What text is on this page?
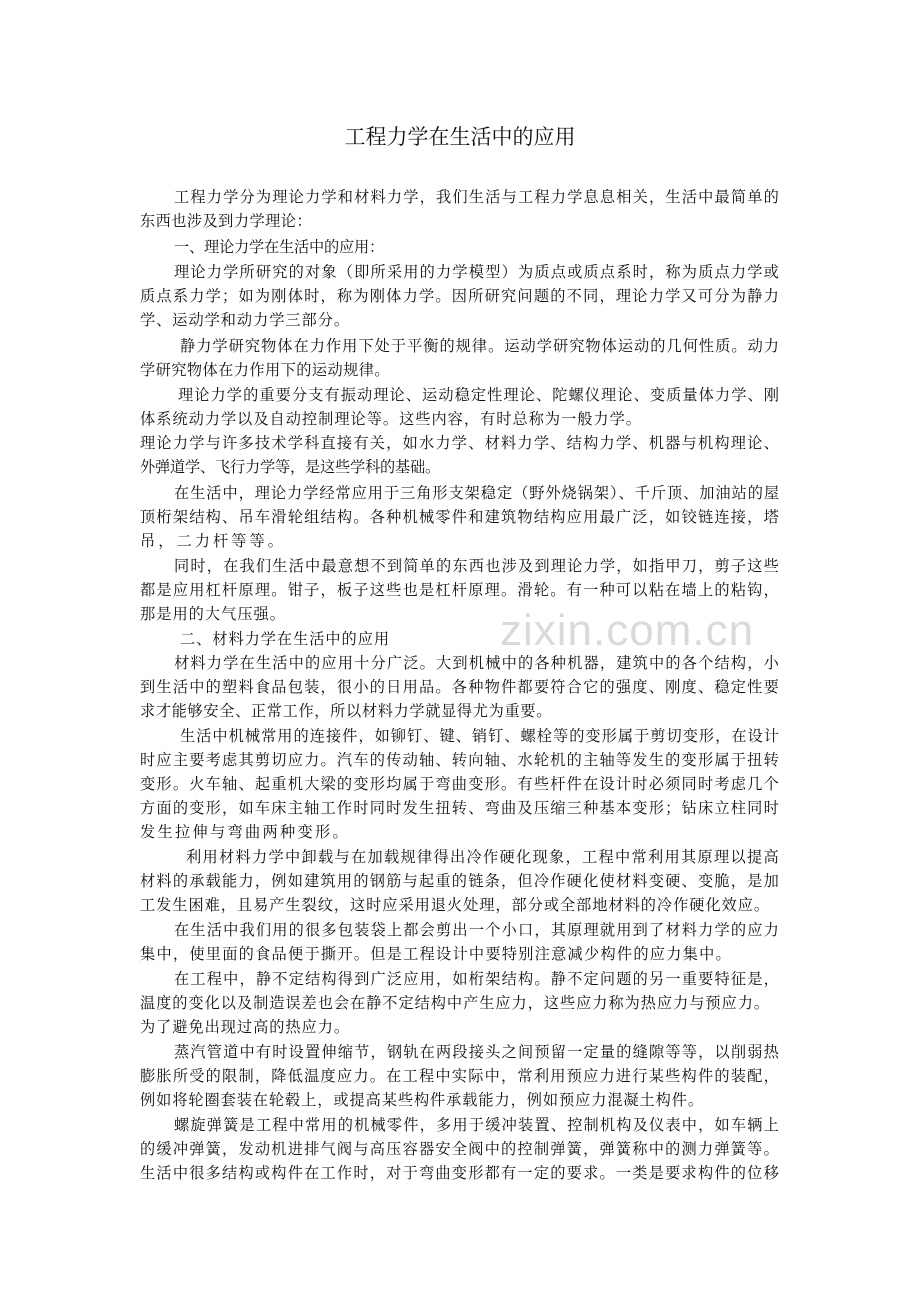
工程力学在生活中的应用
zixin.com.cn
工程力学分为理论力学和材料力学，我们生活与工程力学息息相关，生活中最简单的
东西也涉及到力学理论：
一、理论力学在生活中的应用：
理论力学所研究的对象（即所采用的力学模型）为质点或质点系时，称为质点力学或
质点系力学；如为刚体时，称为刚体力学。因所研究问题的不同，理论力学又可分为静力
学、运动学和动力学三部分。
静力学研究物体在力作用下处于平衡的规律。运动学研究物体运动的几何性质。动力
学研究物体在力作用下的运动规律。
理论力学的重要分支有振动理论、运动稳定性理论、陀螺仪理论、变质量体力学、刚
体系统动力学以及自动控制理论等。这些内容，有时总称为一般力学。
理论力学与许多技术学科直接有关，如水力学、材料力学、结构力学、机器与机构理论、
外弹道学、飞行力学等，是这些学科的基础。
在生活中，理论力学经常应用于三角形支架稳定（野外烧锅架）、千斤顶、加油站的屋
顶桁架结构、吊车滑轮组结构。各种机械零件和建筑物结构应用最广泛，如铰链连接，塔
吊，二力杆等等。
同时，在我们生活中最意想不到简单的东西也涉及到理论力学，如指甲刀，剪子这些
都是应用杠杆原理。钳子，板子这些也是杠杆原理。滑轮。有一种可以粘在墙上的粘钩，
那是用的大气压强。
二、材料力学在生活中的应用
材料力学在生活中的应用十分广泛。大到机械中的各种机器，建筑中的各个结构，小
到生活中的塑料食品包装，很小的日用品。各种物件都要符合它的强度、刚度、稳定性要
求才能够安全、正常工作，所以材料力学就显得尤为重要。
生活中机械常用的连接件，如铆钉、键、销钉、螺栓等的变形属于剪切变形，在设计
时应主要考虑其剪切应力。汽车的传动轴、转向轴、水轮机的主轴等发生的变形属于扭转
变形。火车轴、起重机大梁的变形均属于弯曲变形。有些杆件在设计时必须同时考虑几个
方面的变形，如车床主轴工作时同时发生扭转、弯曲及压缩三种基本变形；钻床立柱同时
发生拉伸与弯曲两种变形。
利用材料力学中卸载与在加载规律得出冷作硬化现象，工程中常利用其原理以提高
材料的承载能力，例如建筑用的钢筋与起重的链条，但冷作硬化使材料变硬、变脆，是加
工发生困难，且易产生裂纹，这时应采用退火处理，部分或全部地材料的冷作硬化效应。
在生活中我们用的很多包装袋上都会剪出一个小口，其原理就用到了材料力学的应力
集中，使里面的食品便于撕开。但是工程设计中要特别注意减少构件的应力集中。
在工程中，静不定结构得到广泛应用，如桁架结构。静不定问题的另一重要特征是，
温度的变化以及制造误差也会在静不定结构中产生应力，这些应力称为热应力与预应力。
为了避免出现过高的热应力。
蒸汽管道中有时设置伸缩节，钢轨在两段接头之间预留一定量的缝隙等等，以削弱热
膨胀所受的限制，降低温度应力。在工程中实际中，常利用预应力进行某些构件的装配，
例如将轮圈套装在轮毂上，或提高某些构件承载能力，例如预应力混凝土构件。
螺旋弹簧是工程中常用的机械零件，多用于缓冲装置、控制机构及仪表中，如车辆上
的缓冲弹簧，发动机进排气阀与高压容器安全阀中的控制弹簧，弹簧称中的测力弹簧等。
生活中很多结构或构件在工作时，对于弯曲变形都有一定的要求。一类是要求构件的位移
